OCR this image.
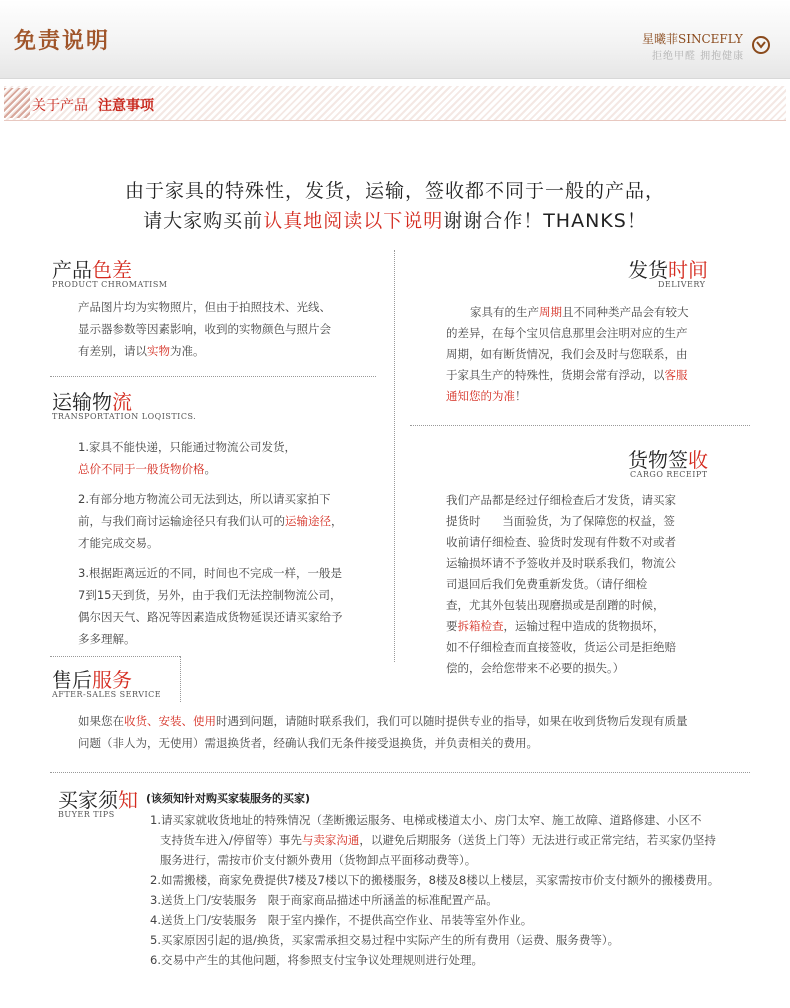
免责说明	星曦菲SINCEFLY
拒绝甲醛 拥抱健康
关于产品 注意事项
由于家具的特殊性，发货，运输，签收都不同于一般的产品，
请大家购买前认真地阅读以下说明谢谢合作！THANKS！
产品色差
PRODUCT CHROMATISM
产品图片均为实物照片，但由于拍照技术、光线、
显示器参数等因素影响，收到的实物颜色与照片会
有差别，请以实物为准。
发货时间
DELIVERY
家具有的生产周期且不同种类产品会有较大
的差异，在每个宝贝信息那里会注明对应的生产
周期，如有断货情况，我们会及时与您联系，由
于家具生产的特殊性，货期会常有浮动，以客服
通知您的为准！
运输物流
TRANSPORTATION LOQISTICS.
1.家具不能快递，只能通过物流公司发货，
总价不同于一般货物价格。
2.有部分地方物流公司无法到达，所以请买家拍下
前，与我们商讨运输途径只有我们认可的运输途径，
才能完成交易。
3.根据距离远近的不同，时间也不完成一样，一般是
7到15天到货，另外，由于我们无法控制物流公司，
偶尔因天气、路况等因素造成货物延误还请买家给予
多多理解。
货物签收
CARGO RECEIPT
我们产品都是经过仔细检查后才发货，请买家
提货时      当面验货，为了保障您的权益，签
收前请仔细检查、验货时发现有件数不对或者
运输损坏请不予签收并及时联系我们，物流公
司退回后我们免费重新发货。（请仔细检
查，尤其外包装出现磨损或是刮蹭的时候，
要拆箱检查，运输过程中造成的货物损坏，
如不仔细检查而直接签收，货运公司是拒绝赔
偿的，会给您带来不必要的损失。）
售后服务
AFTER-SALES SERVICE
如果您在收货、安装、使用时遇到问题，请随时联系我们，我们可以随时提供专业的指导，如果在收到货物后发现有质量
问题（非人为，无使用）需退换货者，经确认我们无条件接受退换货，并负责相关的费用。
买家须知 (该须知针对购买家装服务的买家)
BUYER TIPS	1.请买家就收货地址的特殊情况（垄断搬运服务、电梯或楼道太小、房门太窄、施工故障、道路修建、小区不
支持货车进入/停留等）事先与卖家沟通，以避免后期服务（送货上门等）无法进行或正常完结，若买家仍坚持
服务进行，需按市价支付额外费用（货物卸点平面移动费等）。
2.如需搬楼，商家免费提供7楼及7楼以下的搬楼服务，8楼及8楼以上楼层，买家需按市价支付额外的搬楼费用。
3.送货上门/安装服务   限于商家商品描述中所涵盖的标准配置产品。
4.送货上门/安装服务   限于室内操作，不提供高空作业、吊装等室外作业。
5.买家原因引起的退/换货，买家需承担交易过程中实际产生的所有费用（运费、服务费等）。
6.交易中产生的其他问题，将参照支付宝争议处理规则进行处理。
